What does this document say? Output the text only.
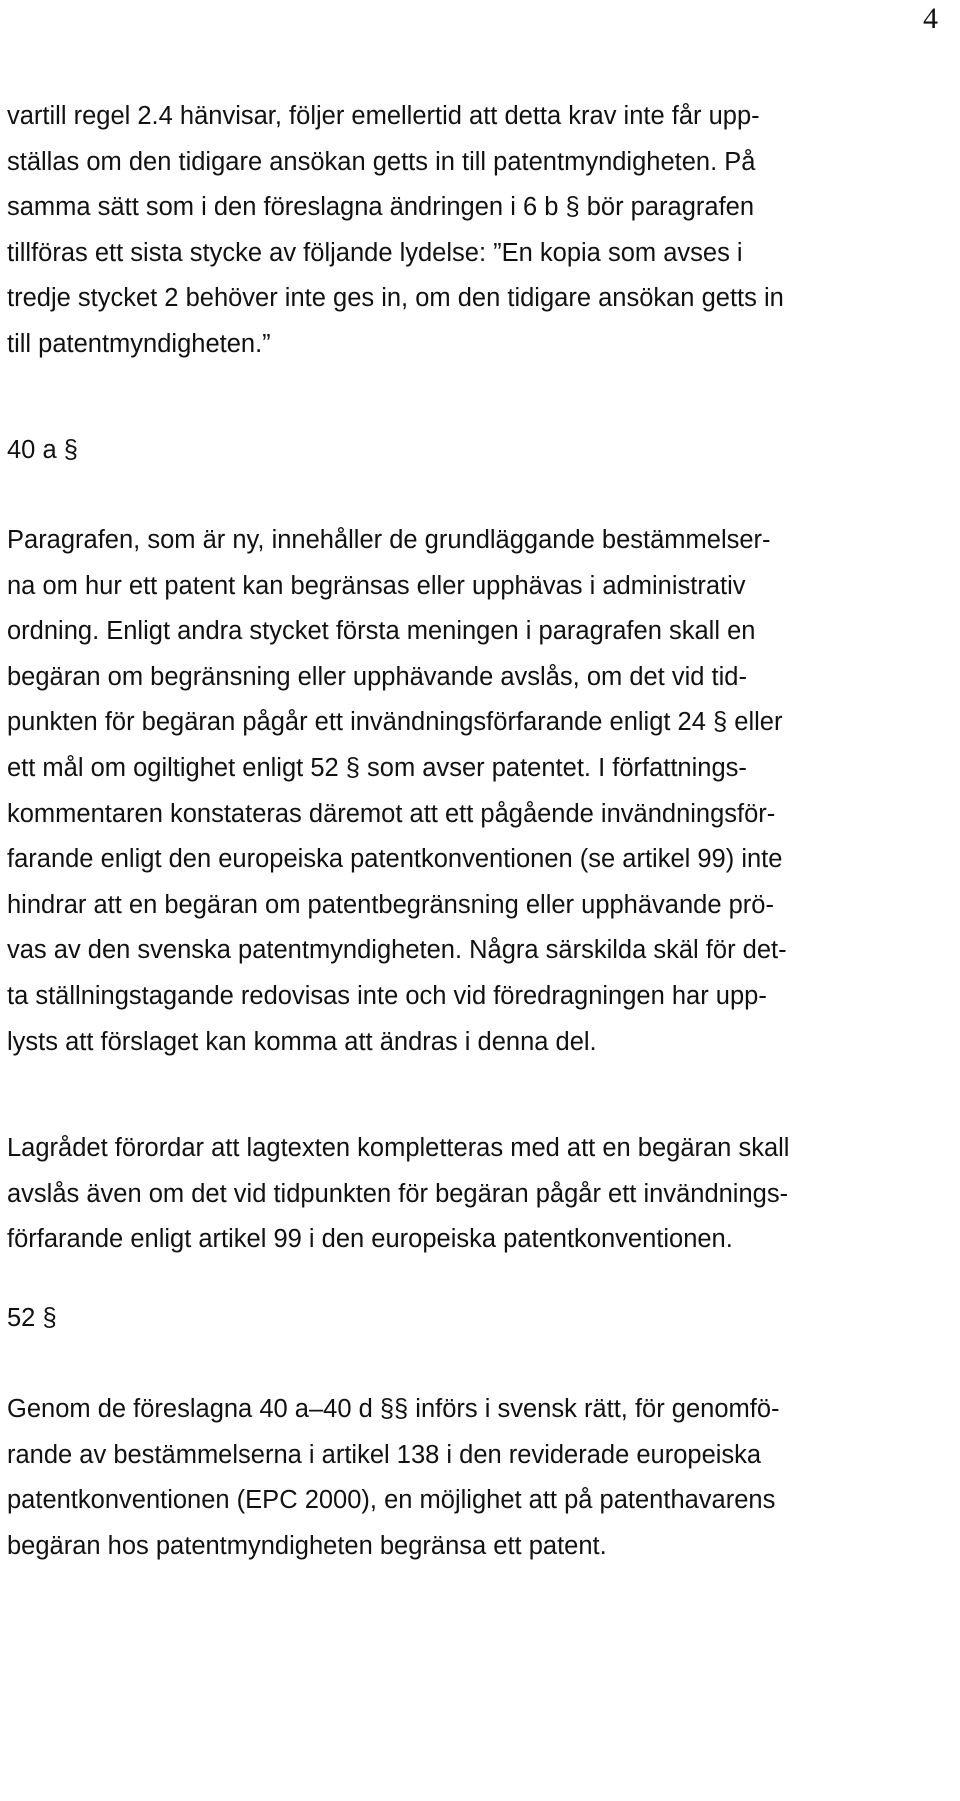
4
vartill regel 2.4 hänvisar, följer emellertid att detta krav inte får upp-
ställas om den tidigare ansökan getts in till patentmyndigheten. På
samma sätt som i den föreslagna ändringen i 6 b § bör paragrafen
tillföras ett sista stycke av följande lydelse: ”En kopia som avses i
tredje stycket 2 behöver inte ges in, om den tidigare ansökan getts in
till patentmyndigheten.”
40 a §
Paragrafen, som är ny, innehåller de grundläggande bestämmelser-
na om hur ett patent kan begränsas eller upphävas i administrativ
ordning. Enligt andra stycket första meningen i paragrafen skall en
begäran om begränsning eller upphävande avslås, om det vid tid-
punkten för begäran pågår ett invändningsförfarande enligt 24 § eller
ett mål om ogiltighet enligt 52 § som avser patentet. I författnings-
kommentaren konstateras däremot att ett pågående invändningsför-
farande enligt den europeiska patentkonventionen (se artikel 99) inte
hindrar att en begäran om patentbegränsning eller upphävande prö-
vas av den svenska patentmyndigheten. Några särskilda skäl för det-
ta ställningstagande redovisas inte och vid föredragningen har upp-
lysts att förslaget kan komma att ändras i denna del.
Lagrådet förordar att lagtexten kompletteras med att en begäran skall
avslås även om det vid tidpunkten för begäran pågår ett invändnings-
förfarande enligt artikel 99 i den europeiska patentkonventionen.
52 §
Genom de föreslagna 40 a–40 d §§ införs i svensk rätt, för genomfö-
rande av bestämmelserna i artikel 138 i den reviderade europeiska
patentkonventionen (EPC 2000), en möjlighet att på patenthavarens
begäran hos patentmyndigheten begränsa ett patent.
